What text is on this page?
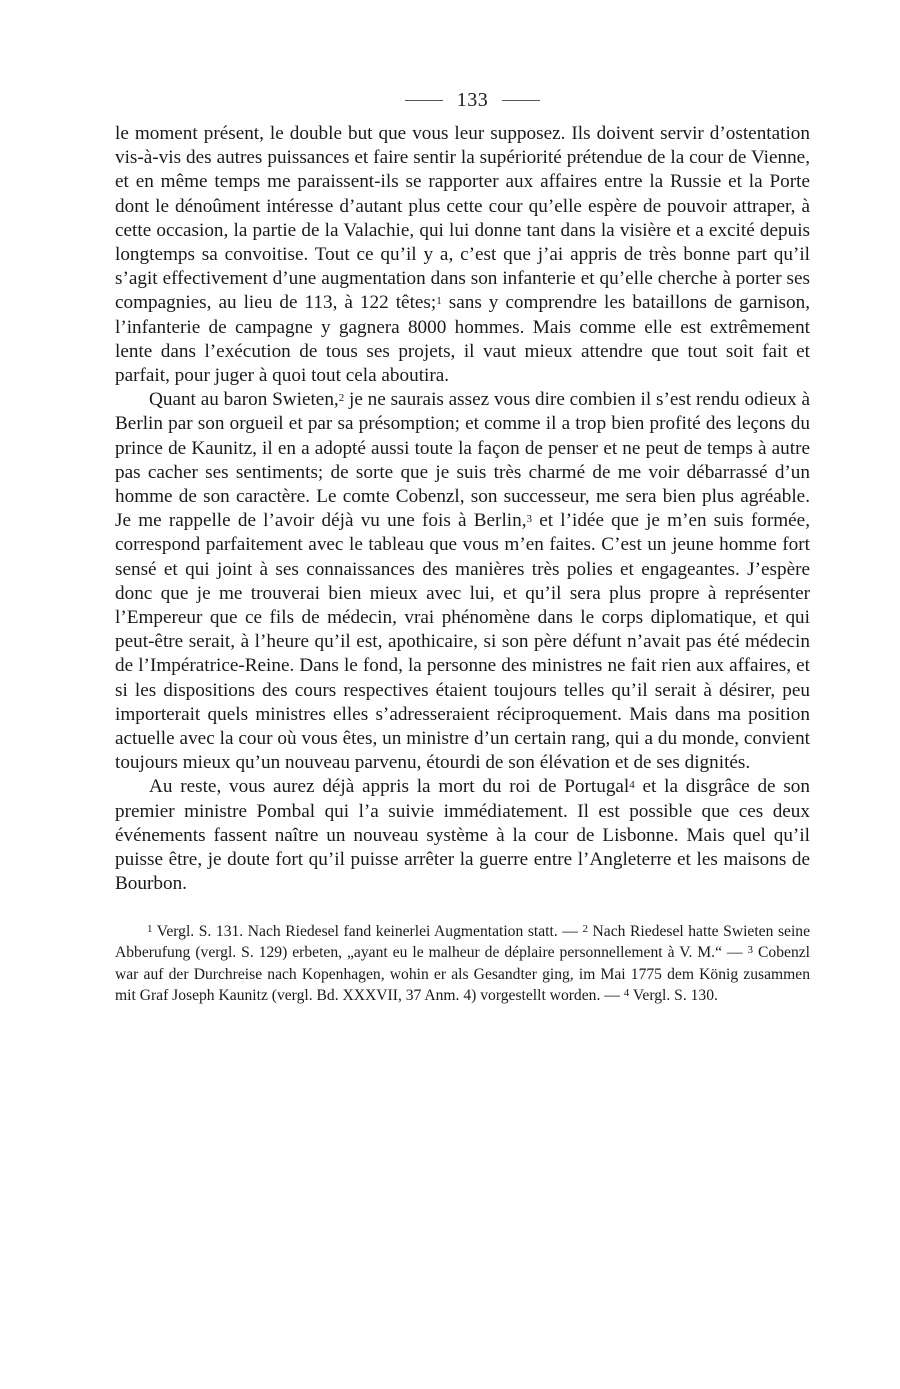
133

le moment présent, le double but que vous leur supposez. Ils doivent servir d’ostentation vis-à-vis des autres puissances et faire sentir la supériorité prétendue de la cour de Vienne, et en même temps me paraissent-ils se rapporter aux affaires entre la Russie et la Porte dont le dénoûment intéresse d’autant plus cette cour qu’elle espère de pouvoir attraper, à cette occasion, la partie de la Valachie, qui lui donne tant dans la visière et a excité depuis longtemps sa convoitise. Tout ce qu’il y a, c’est que j’ai appris de très bonne part qu’il s’agit effectivement d’une augmentation dans son infanterie et qu’elle cherche à porter ses compagnies, au lieu de 113, à 122 têtes;$^1$ sans y comprendre les bataillons de garnison, l’infanterie de campagne y gagnera 8000 hommes. Mais comme elle est extrêmement lente dans l’exécution de tous ses projets, il vaut mieux attendre que tout soit fait et parfait, pour juger à quoi tout cela aboutira.

Quant au baron Swieten,$^2$ je ne saurais assez vous dire combien il s’est rendu odieux à Berlin par son orgueil et par sa présomption; et comme il a trop bien profité des leçons du prince de Kaunitz, il en a adopté aussi toute la façon de penser et ne peut de temps à autre pas cacher ses sentiments; de sorte que je suis très charmé de me voir débarrassé d’un homme de son caractère. Le comte Cobenzl, son successeur, me sera bien plus agréable. Je me rappelle de l’avoir déjà vu une fois à Berlin,$^3$ et l’idée que je m’en suis formée, correspond parfaitement avec le tableau que vous m’en faites. C’est un jeune homme fort sensé et qui joint à ses connaissances des manières très polies et engageantes. J’espère donc que je me trouverai bien mieux avec lui, et qu’il sera plus propre à représenter l’Empereur que ce fils de médecin, vrai phénomène dans le corps diplomatique, et qui peut-être serait, à l’heure qu’il est, apothicaire, si son père défunt n’avait pas été médecin de l’Impératrice-Reine. Dans le fond, la personne des ministres ne fait rien aux affaires, et si les dispositions des cours respectives étaient toujours telles qu’il serait à désirer, peu importerait quels ministres elles s’adresseraient réciproquement. Mais dans ma position actuelle avec la cour où vous êtes, un ministre d’un certain rang, qui a du monde, convient toujours mieux qu’un nouveau parvenu, étourdi de son élévation et de ses dignités.

Au reste, vous aurez déjà appris la mort du roi de Portugal$^4$ et la disgrâce de son premier ministre Pombal qui l’a suivie immédiatement. Il est possible que ces deux événements fassent naître un nouveau système à la cour de Lisbonne. Mais quel qu’il puisse être, je doute fort qu’il puisse arrêter la guerre entre l’Angleterre et les maisons de Bourbon.

$^1$ Vergl. S. 131. Nach Riedesel fand keinerlei Augmentation statt. — $^2$ Nach Riedesel hatte Swieten seine Abberufung (vergl. S. 129) erbeten, „ayant eu le malheur de déplaire personnellement à V. M.“ — $^3$ Cobenzl war auf der Durchreise nach Kopenhagen, wohin er als Gesandter ging, im Mai 1775 dem König zusammen mit Graf Joseph Kaunitz (vergl. Bd. XXXVII, 37 Anm. 4) vorgestellt worden. — $^4$ Vergl. S. 130.
